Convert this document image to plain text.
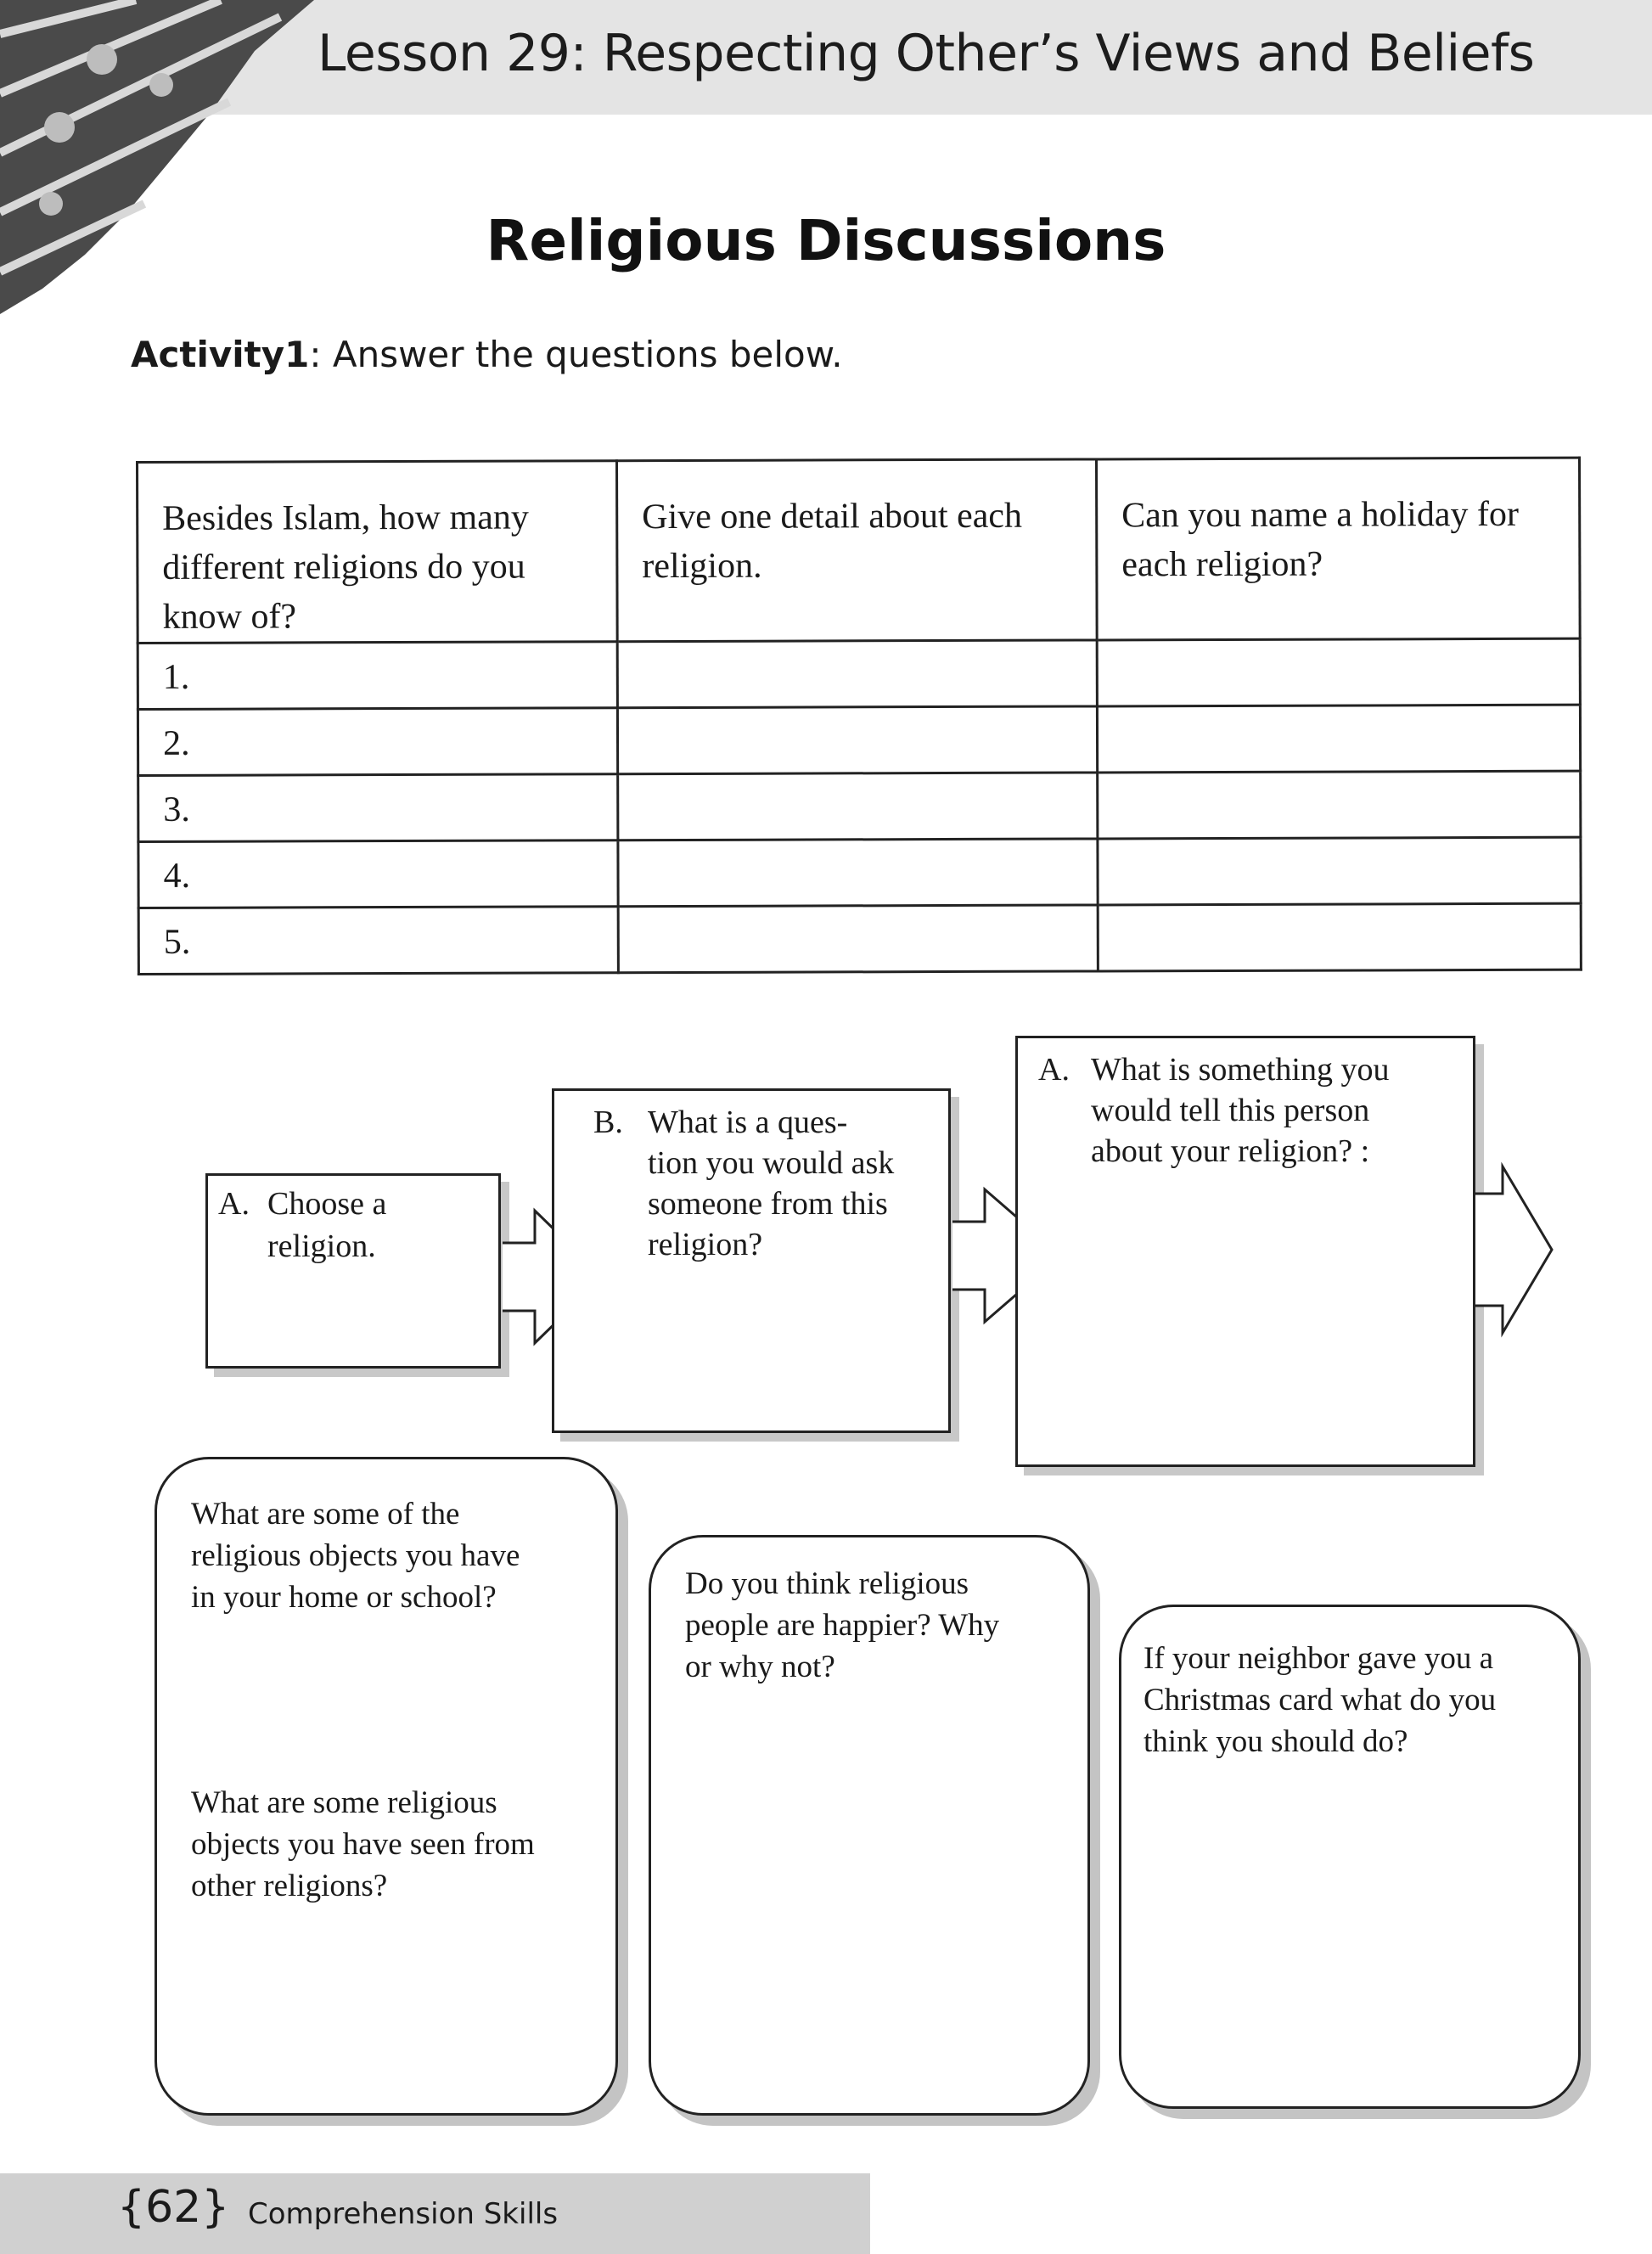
Lesson 29: Respecting Other’s Views and Beliefs
Religious Discussions
Activity1: Answer the questions below.
Besides Islam, how many different religions do you know of?	Give one detail about each religion.	Can you name a holiday for each religion?
1.		
2.		
3.		
4.		
5.		
A. Choose a
religion.
B. What is a ques-
tion you would ask
someone from this
religion?
A. What is something you
would tell this person
about your religion? :
What are some of the
religious objects you have
in your home or school?
What are some religious
objects you have seen from
other religions?
Do you think religious
people are happier? Why
or why not?	If your neighbor gave you a
Christmas card what do you
think you should do?
{62} Comprehension Skills
